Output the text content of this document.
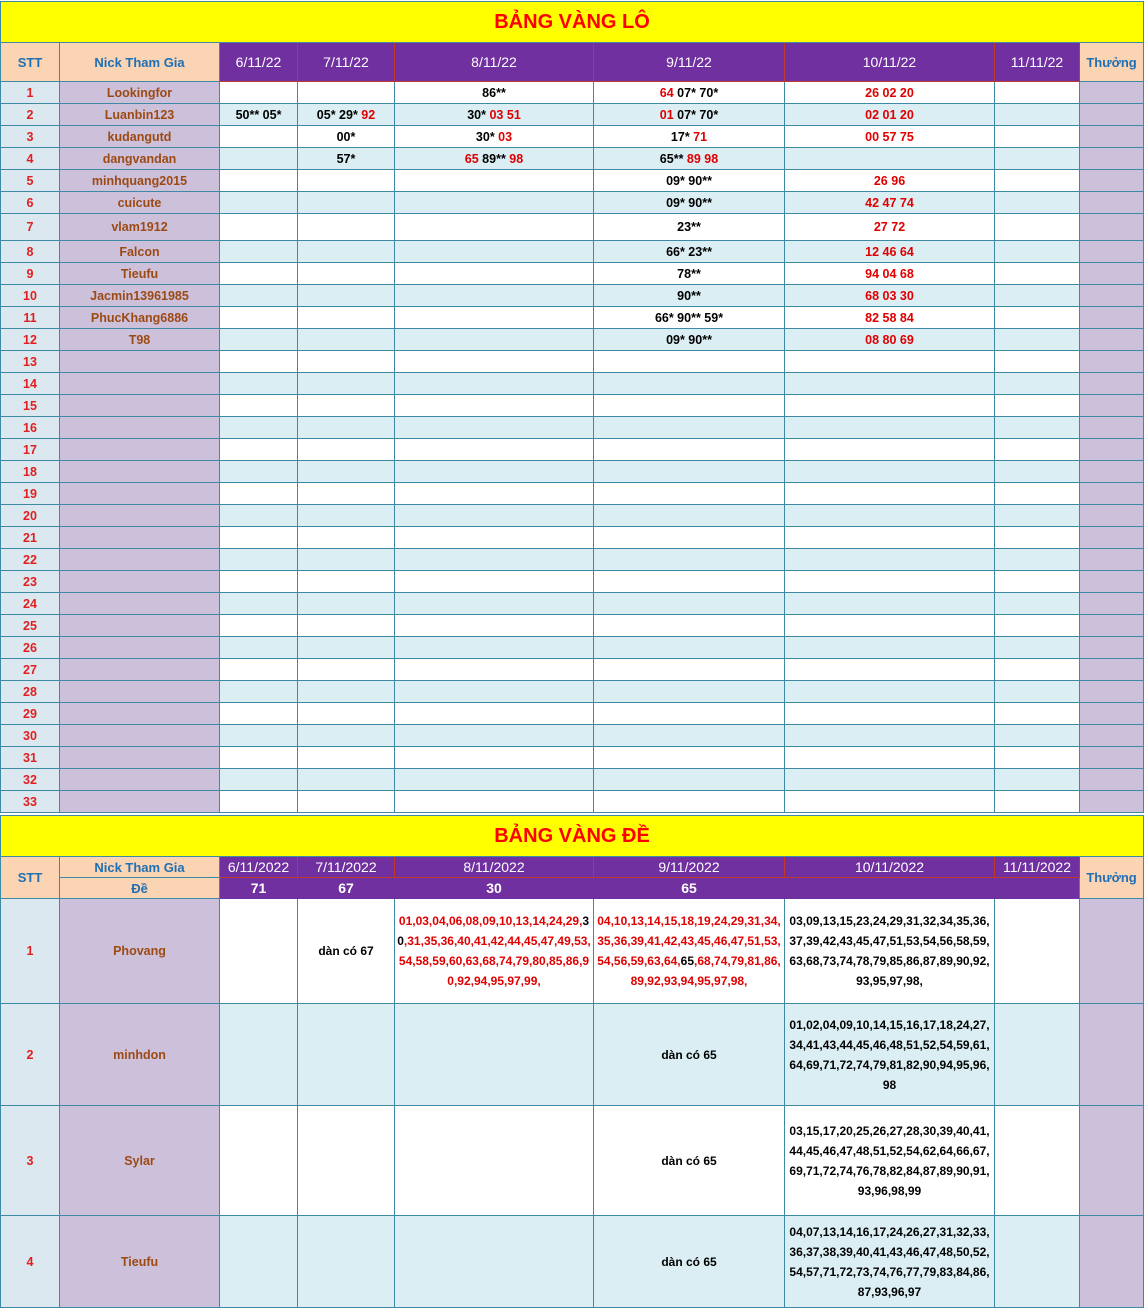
BẢNG VÀNG LÔ								
STT	Nick Tham Gia	6/11/22	7/11/22	8/11/22	9/11/22	10/11/22	11/11/22	Thưởng
1	Lookingfor			86**	64 07* 70*	26 02 20		
2	Luanbin123	50** 05*	05* 29* 92	30* 03 51	01 07* 70*	02 01 20		
3	kudangutd		00*	30* 03	17* 71	00 57 75		
4	dangvandan		57*	65 89** 98	65** 89 98			
5	minhquang2015				09* 90**	26 96		
6	cuicute				09* 90**	42 47 74		
7	vlam1912				23**	27 72		
8	Falcon				66* 23**	12 46 64		
9	Tieufu				78**	94 04 68		
10	Jacmin13961985				90**	68 03 30		
11	PhucKhang6886				66* 90** 59*	82 58 84		
12	T98				09* 90**	08 80 69		
13								
14								
15								
16								
17								
18								
19								
20								
21								
22								
23								
24								
25								
26								
27								
28								
29								
30								
31								
32								
33								
BẢNG VÀNG ĐỀ								
STT	Nick Tham Gia	6/11/2022	7/11/2022	8/11/2022	9/11/2022	10/11/2022	11/11/2022	Thưởng
	Đề	71	67	30	65			
1	Phovang		dàn có 67	01,03,04,06,08,09,10,13,14,24,29,30,31,35,36,40,41,42,44,45,47,49,53,54,58,59,60,63,68,74,79,80,85,86,90,92,94,95,97,99,	04,10,13,14,15,18,19,24,29,31,34,35,36,39,41,42,43,45,46,47,51,53,54,56,59,63,64,65,68,74,79,81,86,89,92,93,94,95,97,98,	03,09,13,15,23,24,29,31,32,34,35,36,37,39,42,43,45,47,51,53,54,56,58,59,63,68,73,74,78,79,85,86,87,89,90,92,93,95,97,98,		
2	minhdon				dàn có 65	01,02,04,09,10,14,15,16,17,18,24,27,34,41,43,44,45,46,48,51,52,54,59,61,64,69,71,72,74,79,81,82,90,94,95,96,98		
3	Sylar				dàn có 65	03,15,17,20,25,26,27,28,30,39,40,41,44,45,46,47,48,51,52,54,62,64,66,67,69,71,72,74,76,78,82,84,87,89,90,91,93,96,98,99		
4	Tieufu				dàn có 65	04,07,13,14,16,17,24,26,27,31,32,33,36,37,38,39,40,41,43,46,47,48,50,52,54,57,71,72,73,74,76,77,79,83,84,86,87,93,96,97		
